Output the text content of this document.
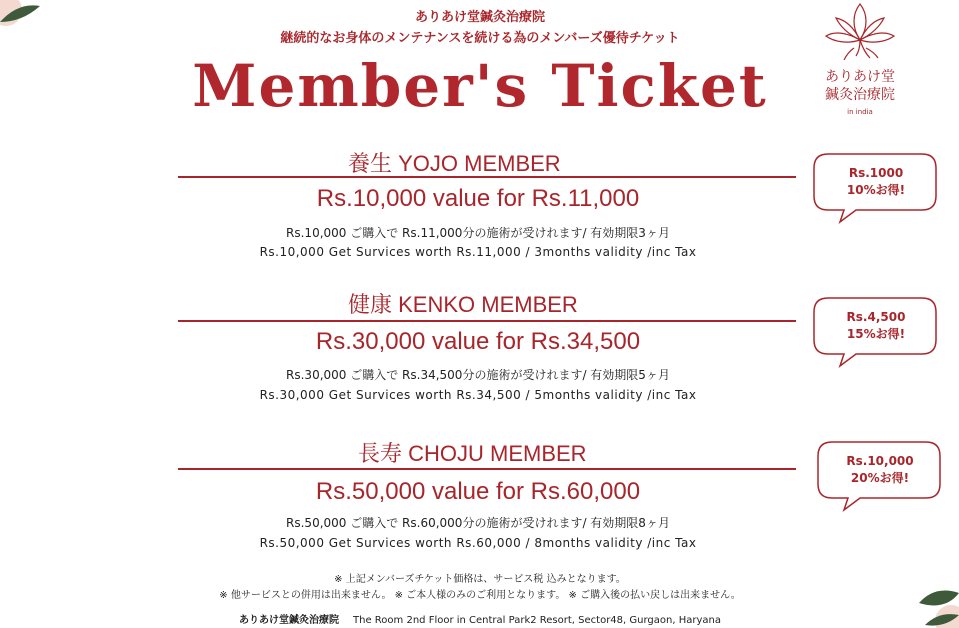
ありあけ堂鍼灸治療院
継続的なお身体のメンテナンスを続ける為のメンバーズ優待チケット
Member's Ticket	ありあけ堂
鍼灸治療院
in india
養生 YOJO MEMBER
Rs.10,000 value for Rs.11,000
Rs.10,000 ご購入で Rs.11,000分の施術が受けれます/ 有効期限3ヶ月
Rs.10,000 Get Survices worth Rs.11,000 / 3months validity /inc Tax
健康 KENKO MEMBER
Rs.30,000 value for Rs.34,500
Rs.30,000 ご購入で Rs.34,500分の施術が受けれます/ 有効期限5ヶ月
Rs.30,000 Get Survices worth Rs.34,500 / 5months validity /inc Tax
長寿 CHOJU MEMBER
Rs.50,000 value for Rs.60,000
Rs.50,000 ご購入で Rs.60,000分の施術が受けれます/ 有効期限8ヶ月
Rs.50,000 Get Survices worth Rs.60,000 / 8months validity /inc Tax
Rs.1000
10%お得!
Rs.4,500
15%お得!
Rs.10,000
20%お得!
※ 上記メンバーズチケット価格は、サービス税 込みとなります。
※ 他サービスとの併用は出来ません。 ※ ご本人様のみのご利用となります。 ※ ご購入後の払い戻しは出来ません。
ありあけ堂鍼灸治療院 The Room 2nd Floor in Central Park2 Resort, Sector48, Gurgaon, Haryana
